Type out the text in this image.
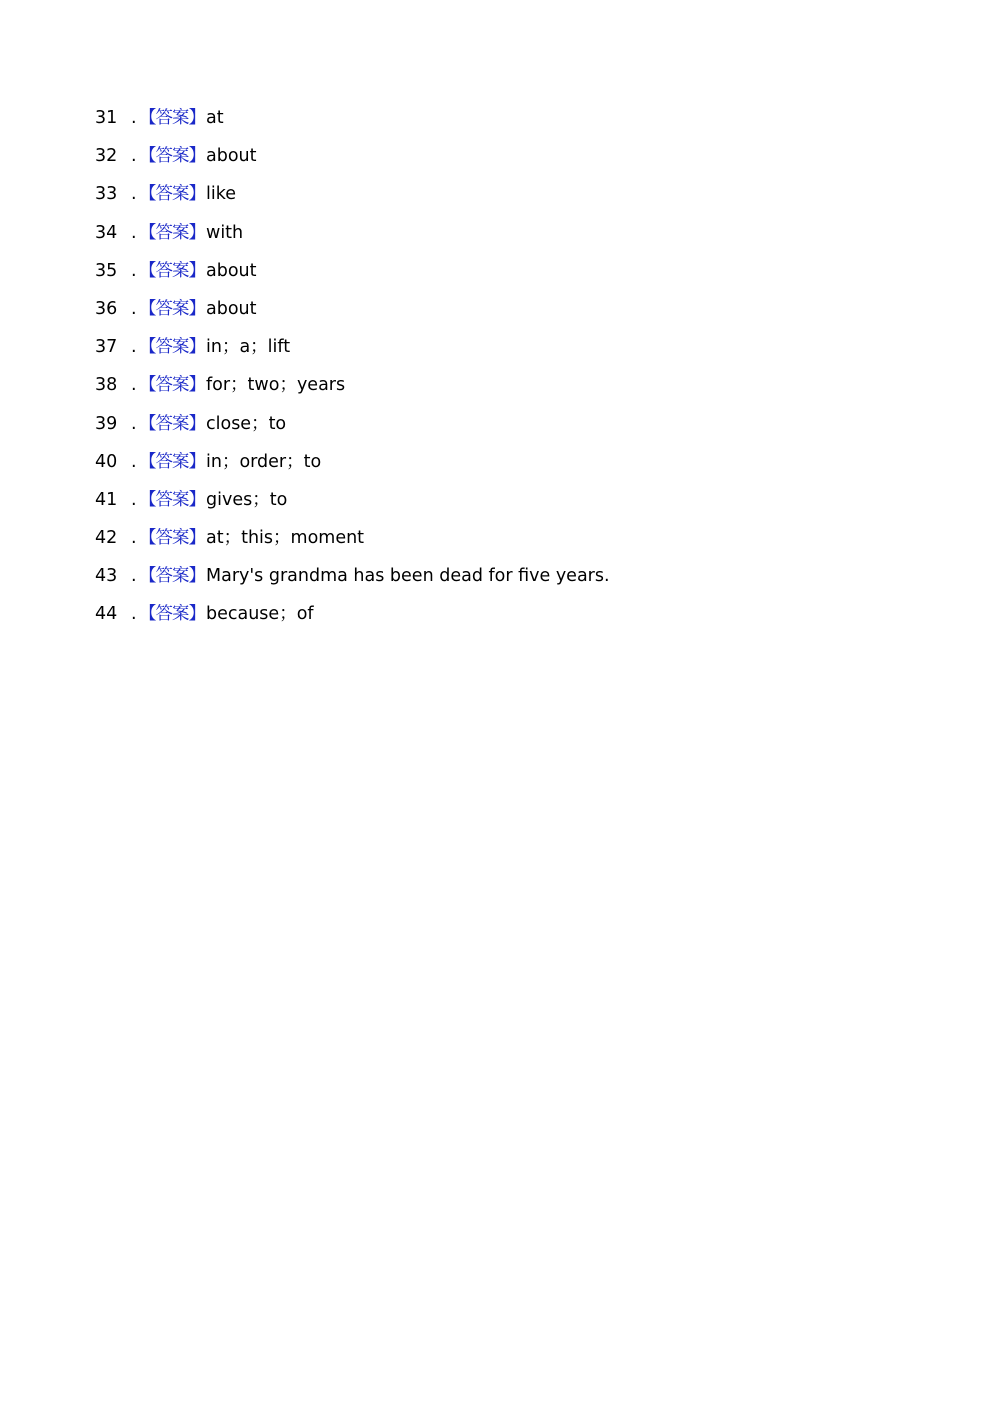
31 . 【答案】 at
32 . 【答案】 about
33 . 【答案】 like
34 . 【答案】 with
35 . 【答案】 about
36 . 【答案】 about
37 . 【答案】 in；a；lift
38 . 【答案】 for；two；years
39 . 【答案】 close；to
40 . 【答案】 in；order；to
41 . 【答案】 gives；to
42 . 【答案】 at；this；moment
43 . 【答案】 Mary's grandma has been dead for five years.
44 . 【答案】 because；of
